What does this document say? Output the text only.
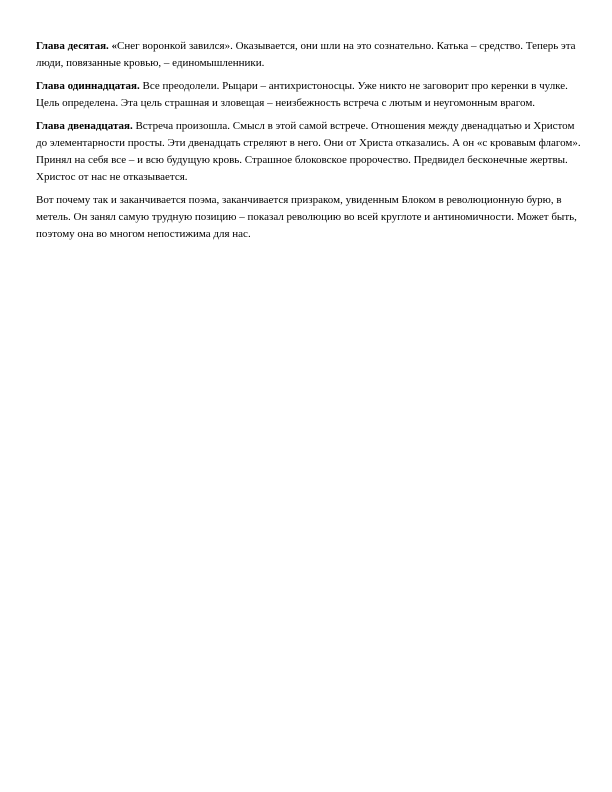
Глава десятая. «Снег воронкой завился». Оказывается, они шли на это сознательно. Катька – средство. Теперь эта люди, повязанные кровью, – единомышленники.

Глава одиннадцатая. Все преодолели. Рыцари – антихристоносцы. Уже никто не заговорит про керенки в чулке. Цель определена. Эта цель страшная и зловещая – неизбежность встреча с лютым и неугомонным врагом.

Глава двенадцатая. Встреча произошла. Смысл в этой самой встрече. Отношения между двенадцатью и Христом до элементарности просты. Эти двенадцать стреляют в него. Они от Христа отказались. А он «с кровавым флагом». Принял на себя все – и всю будущую кровь. Страшное блоковское пророчество. Предвидел бесконечные жертвы. Христос от нас не отказывается.

Вот почему так и заканчивается поэма, заканчивается призраком, увиденным Блоком в революционную бурю, в метель. Он занял самую трудную позицию – показал революцию во всей круглоте и антиномичности. Может быть, поэтому она во многом непостижима для нас.
